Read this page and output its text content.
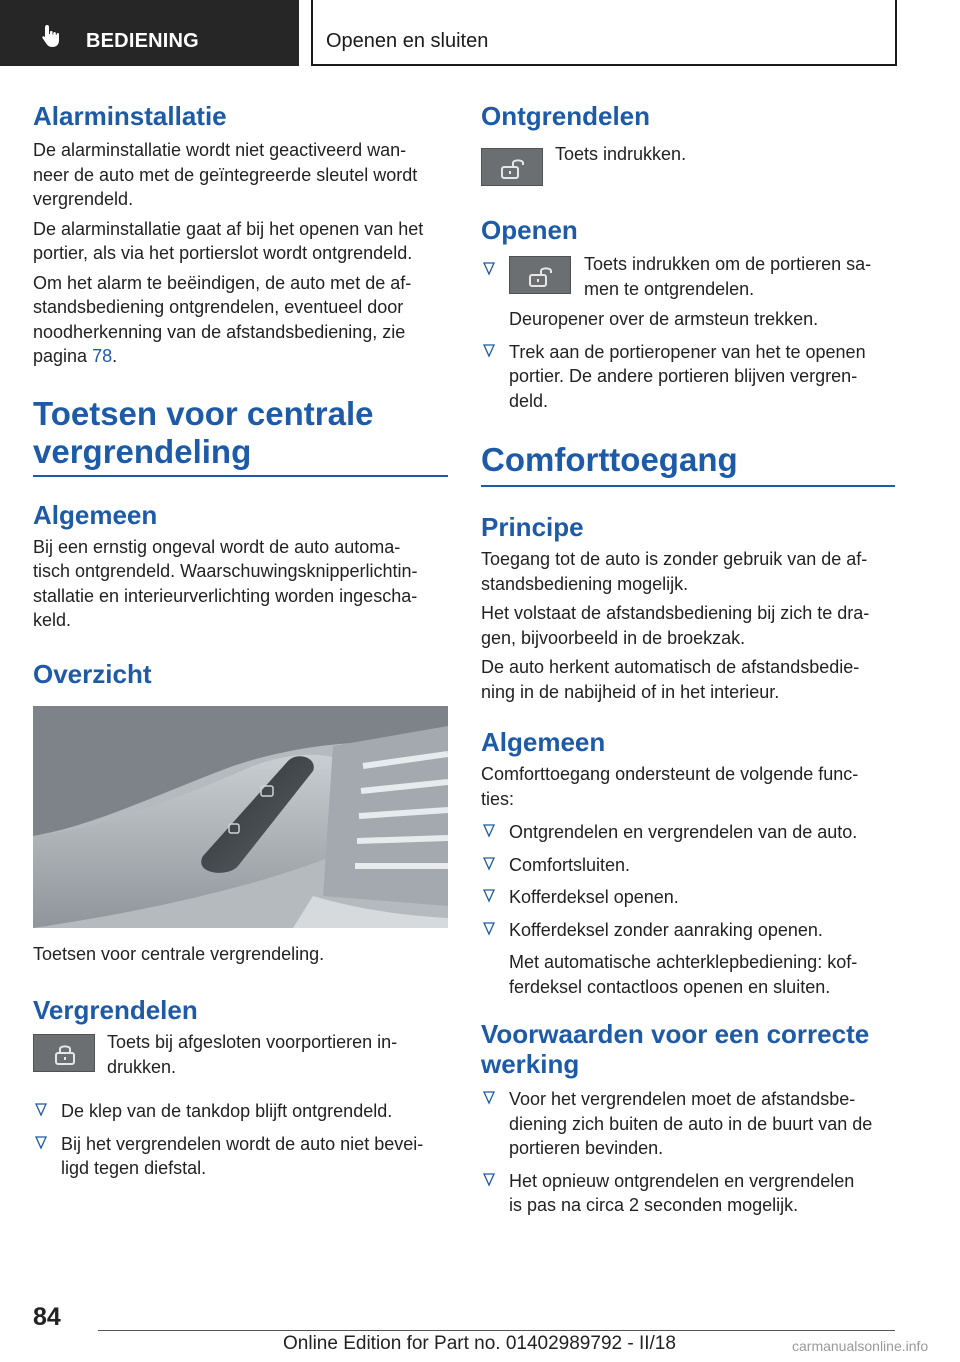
BEDIENING	Openen en sluiten
Alarminstallatie

De alarminstallatie wordt niet geactiveerd wan-
neer de auto met de geïntegreerde sleutel wordt
vergrendeld.

De alarminstallatie gaat af bij het openen van het
portier, als via het portierslot wordt ontgrendeld.

Om het alarm te beëindigen, de auto met de af-
standsbediening ontgrendelen, eventueel door
noodherkenning van de afstandsbediening, zie
pagina 78.

Toetsen voor centrale
vergrendeling
Algemeen

Bij een ernstig ongeval wordt de auto automa-
tisch ontgrendeld. Waarschuwingsknipperlichtin-
stallatie en interieurverlichting worden ingescha-
keld.

Overzicht

Toetsen voor centrale vergrendeling.

Vergrendelen

Toets bij afgesloten voorportieren in-
drukken.

De klep van de tankdop blijft ontgrendeld.
Bij het vergrendelen wordt de auto niet bevei-
ligd tegen diefstal.
Ontgrendelen

Toets indrukken.

Openen
Toets indrukken om de portieren sa-
men te ontgrendelen.
Deuropener over de armsteun trekken.
Trek aan de portieropener van het te openen
portier. De andere portieren blijven vergren-
deld.
Comforttoegang
Principe

Toegang tot de auto is zonder gebruik van de af-
standsbediening mogelijk.

Het volstaat de afstandsbediening bij zich te dra-
gen, bijvoorbeeld in de broekzak.

De auto herkent automatisch de afstandsbedie-
ning in de nabijheid of in het interieur.

Algemeen

Comforttoegang ondersteunt de volgende func-
ties:

Ontgrendelen en vergrendelen van de auto.
Comfortsluiten.
Kofferdeksel openen.
Kofferdeksel zonder aanraking openen.
Met automatische achterklepbediening: kof-
ferdeksel contactloos openen en sluiten.
Voorwaarden voor een correcte
werking
Voor het vergrendelen moet de afstandsbe-
diening zich buiten de auto in de buurt van de
portieren bevinden.
Het opnieuw ontgrendelen en vergrendelen
is pas na circa 2 seconden mogelijk.
84
Online Edition for Part no. 01402989792 - II/18	carmanualsonline.info
